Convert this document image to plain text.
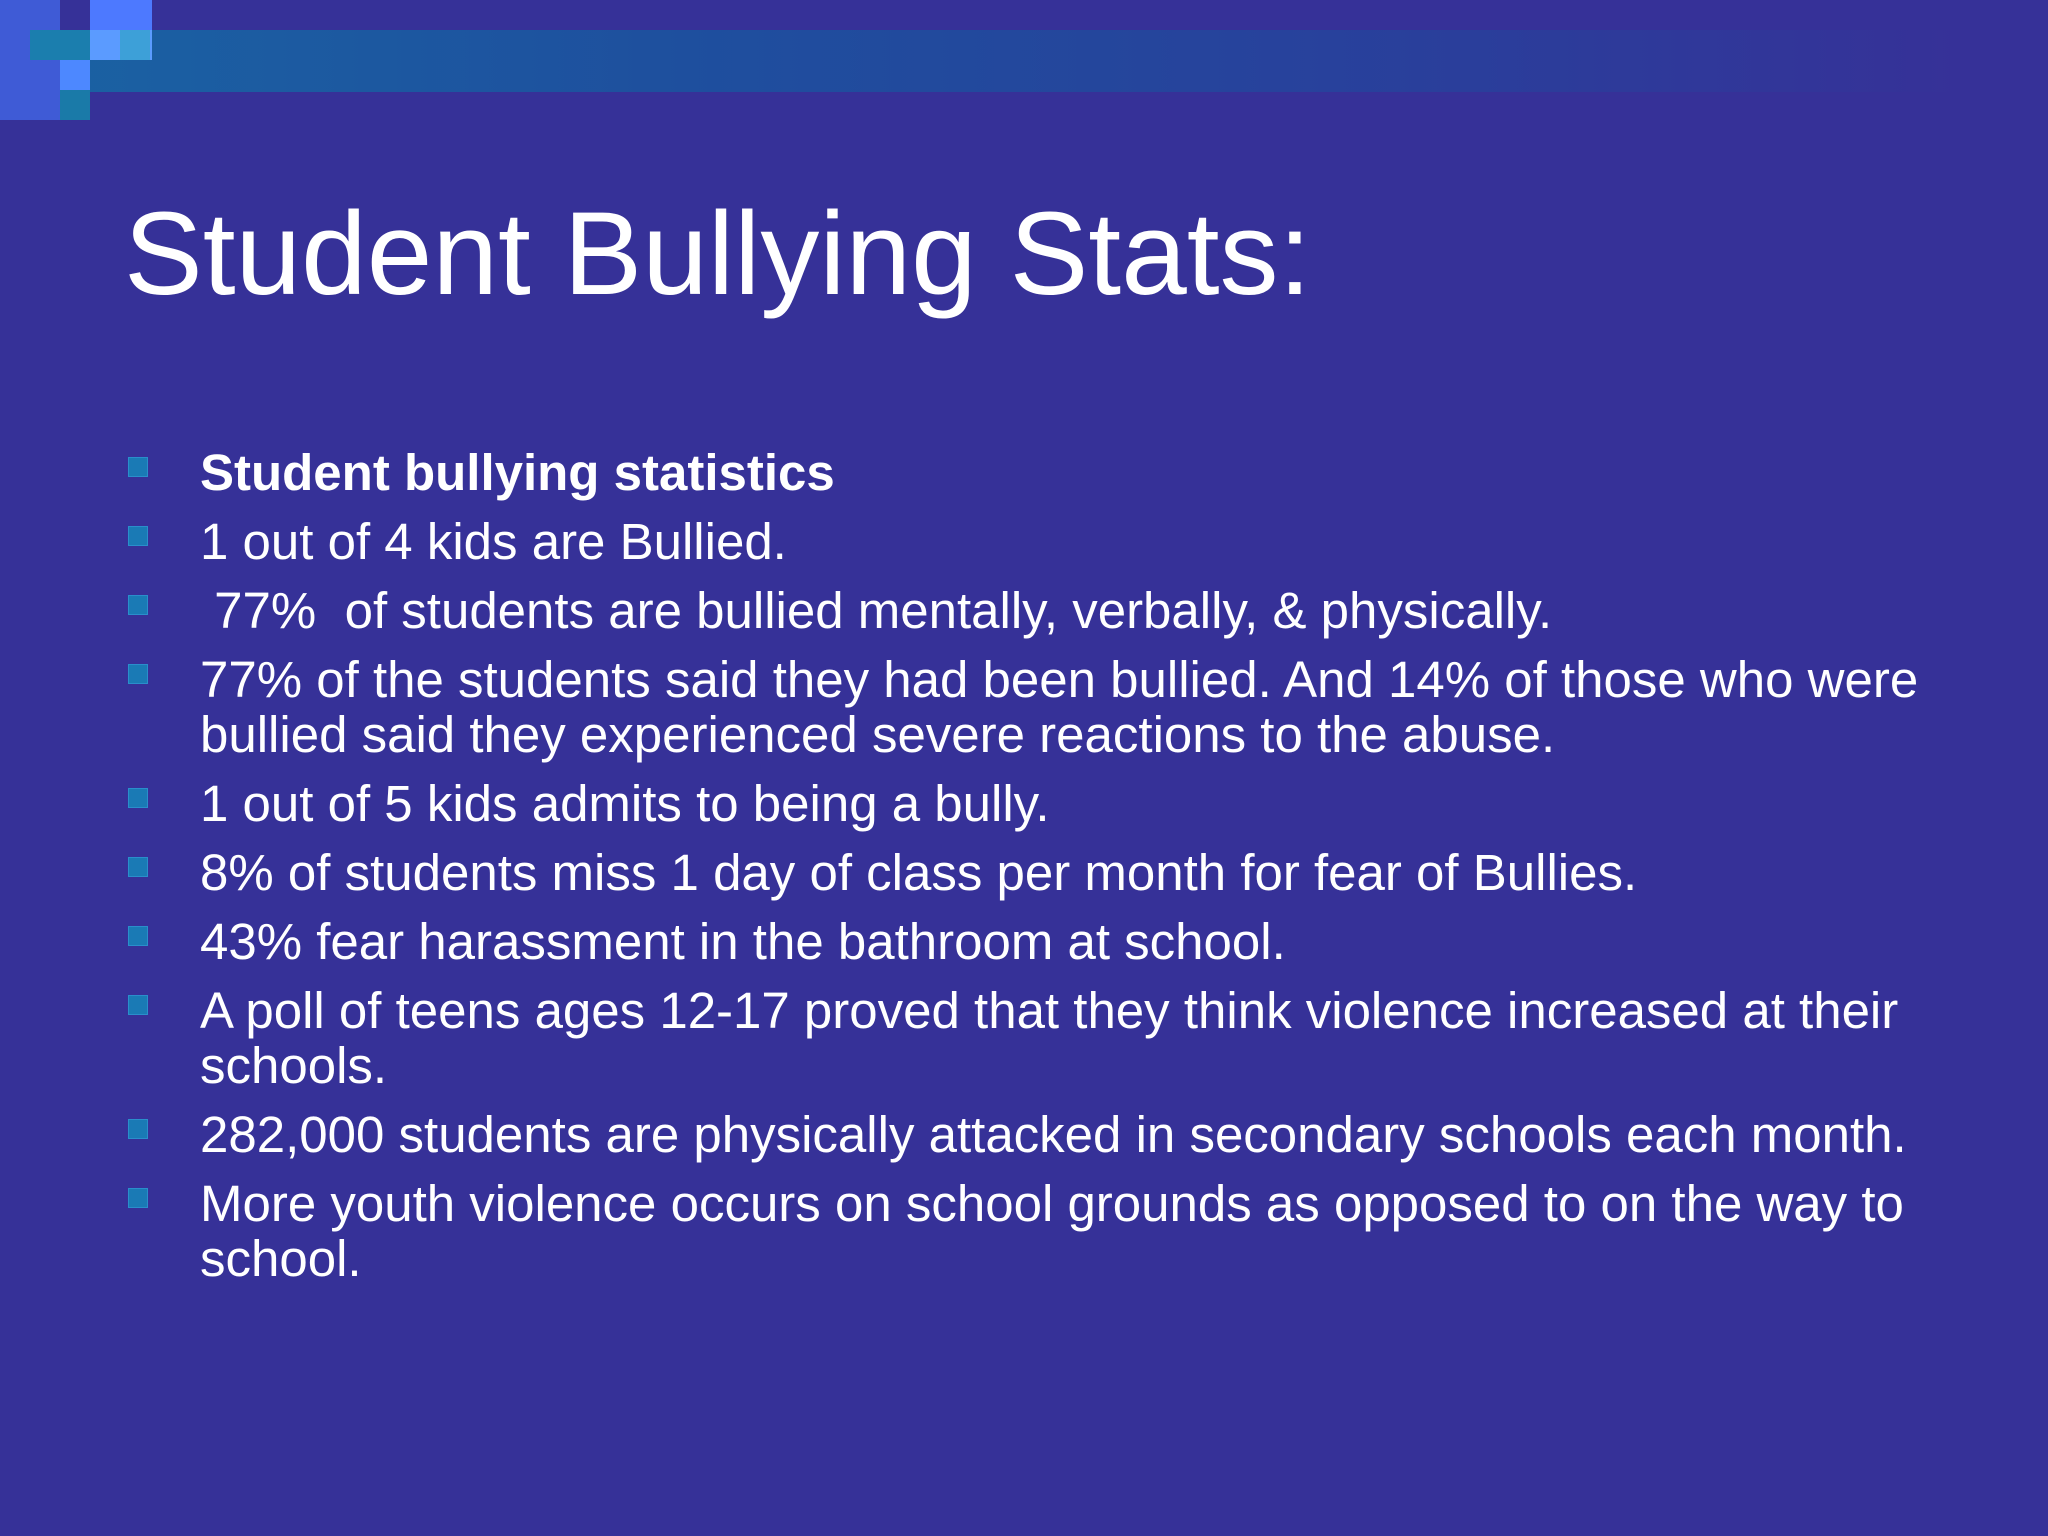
Student Bullying Stats:
Student bullying statistics
1 out of 4 kids are Bullied.
77%  of students are bullied mentally, verbally, & physically.
77% of the students said they had been bullied. And 14% of those who were bullied said they experienced severe reactions to the abuse.
1 out of 5 kids admits to being a bully.
8% of students miss 1 day of class per month for fear of Bullies.
43% fear harassment in the bathroom at school.
A poll of teens ages 12-17 proved that they think violence increased at their schools.
282,000 students are physically attacked in secondary schools each month.
More youth violence occurs on school grounds as opposed to on the way to school.
